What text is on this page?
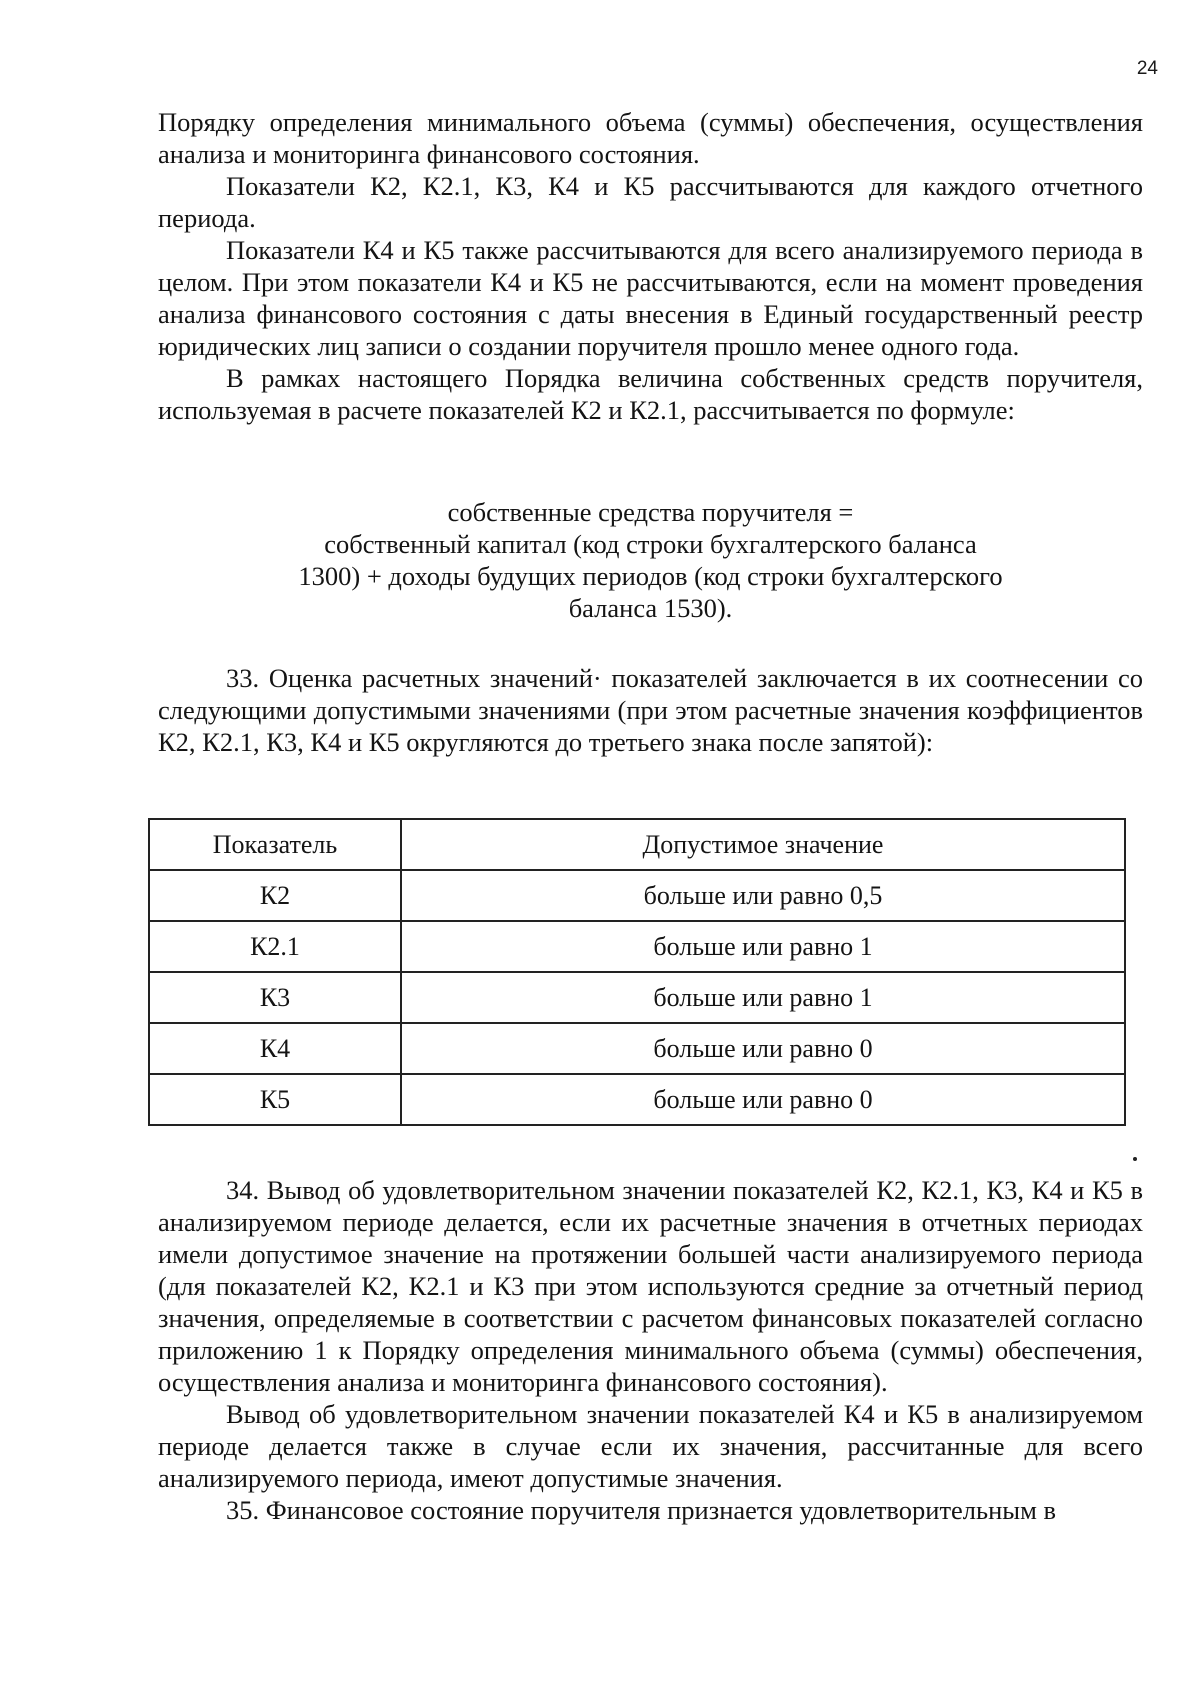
24

Порядку определения минимального объема (суммы) обеспечения, осуществления анализа и мониторинга финансового состояния.

Показатели К2, К2.1, К3, К4 и К5 рассчитываются для каждого отчетного периода.

Показатели К4 и К5 также рассчитываются для всего анализируемого периода в целом. При этом показатели К4 и К5 не рассчитываются, если на момент проведения анализа финансового состояния с даты внесения в Единый государственный реестр юридических лиц записи о создании поручителя прошло менее одного года.

В рамках настоящего Порядка величина собственных средств поручителя, используемая в расчете показателей К2 и К2.1, рассчитывается по формуле:

собственные средства поручителя =
собственный капитал (код строки бухгалтерского баланса
1300) + доходы будущих периодов (код строки бухгалтерского
баланса 1530).

33. Оценка расчетных значений· показателей заключается в их соотнесении со следующими допустимыми значениями (при этом расчетные значения коэффициентов К2, К2.1, К3, К4 и К5 округляются до третьего знака после запятой):

Показатель	Допустимое значение
К2	больше или равно 0,5
К2.1	больше или равно 1
К3	больше или равно 1
К4	больше или равно 0
К5	больше или равно 0

34. Вывод об удовлетворительном значении показателей К2, К2.1, К3, К4 и К5 в анализируемом периоде делается, если их расчетные значения в отчетных периодах имели допустимое значение на протяжении большей части анализируемого периода (для показателей К2, К2.1 и К3 при этом используются средние за отчетный период значения, определяемые в соответствии с расчетом финансовых показателей согласно приложению 1 к Порядку определения минимального объема (суммы) обеспечения, осуществления анализа и мониторинга финансового состояния).

Вывод об удовлетворительном значении показателей К4 и К5 в анализируемом периоде делается также в случае если их значения, рассчитанные для всего анализируемого периода, имеют допустимые значения.

35. Финансовое состояние поручителя признается удовлетворительным в
